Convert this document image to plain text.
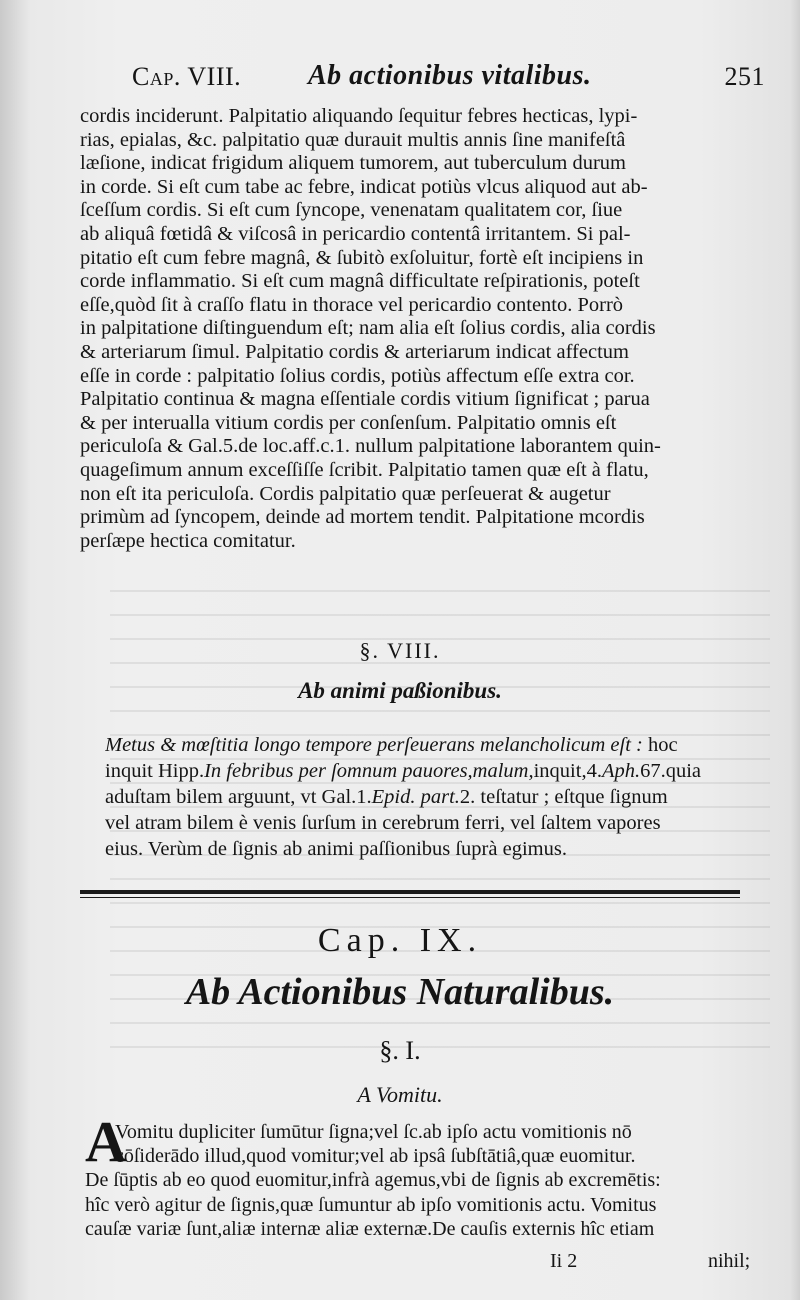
Cap. VIII. Ab actionibus vitalibus.	251
cordis inciderunt. Palpitatio aliquando ſequitur febres hecticas, lypi-
rias, epialas, &c. palpitatio quæ durauit multis annis ſine manifeſtâ
læſione, indicat frigidum aliquem tumorem, aut tuberculum durum
in corde. Si eſt cum tabe ac febre, indicat potiùs vlcus aliquod aut ab-
ſceſſum cordis. Si eſt cum ſyncope, venenatam qualitatem cor, ſiue
ab aliquâ fœtidâ & viſcosâ in pericardio contentâ irritantem. Si pal-
pitatio eſt cum febre magnâ, & ſubitò exſoluitur, fortè eſt incipiens in
corde inflammatio. Si eſt cum magnâ difficultate reſpirationis, poteſt
eſſe,quòd ſit à craſſo flatu in thorace vel pericardio contento. Porrò
in palpitatione diſtinguendum eſt; nam alia eſt ſolius cordis, alia cordis
& arteriarum ſimul. Palpitatio cordis & arteriarum indicat affectum
eſſe in corde : palpitatio ſolius cordis, potiùs affectum eſſe extra cor.
Palpitatio continua & magna eſſentiale cordis vitium ſignificat ; parua
& per interualla vitium cordis per conſenſum. Palpitatio omnis eſt
periculoſa & Gal.5.de loc.aff.c.1. nullum palpitatione laborantem quin-
quageſimum annum exceſſiſſe ſcribit. Palpitatio tamen quæ eſt à flatu,
non eſt ita periculoſa. Cordis palpitatio quæ perſeuerat & augetur
primùm ad ſyncopem, deinde ad mortem tendit. Palpitatione mcordis
perſæpe hectica comitatur.
§. VIII.
Ab animi paßionibus.
Metus & mœſtitia longo tempore perſeuerans melancholicum eſt : hoc
inquit Hipp.In febribus per ſomnum pauores,malum,inquit,4.Aph.67.quia
aduſtam bilem arguunt, vt Gal.1.Epid. part.2. teſtatur ; eſtque ſignum
vel atram bilem è venis ſurſum in cerebrum ferri, vel ſaltem vapores
eius. Verùm de ſignis ab animi paſſionibus ſuprà egimus.
Cap. IX.
Ab Actionibus Naturalibus.
§. I.
A Vomitu.
A
Vomitu dupliciter ſumūtur ſigna;vel ſc.ab ipſo actu vomitionis nō
cōſiderādo illud,quod vomitur;vel ab ipsâ ſubſtātiâ,quæ euomitur.
De ſūptis ab eo quod euomitur,infrà agemus,vbi de ſignis ab excremētis:
hîc verò agitur de ſignis,quæ ſumuntur ab ipſo vomitionis actu. Vomitus
cauſæ variæ ſunt,aliæ internæ aliæ externæ.De cauſis externis hîc etiam
Ii 2	nihil;
